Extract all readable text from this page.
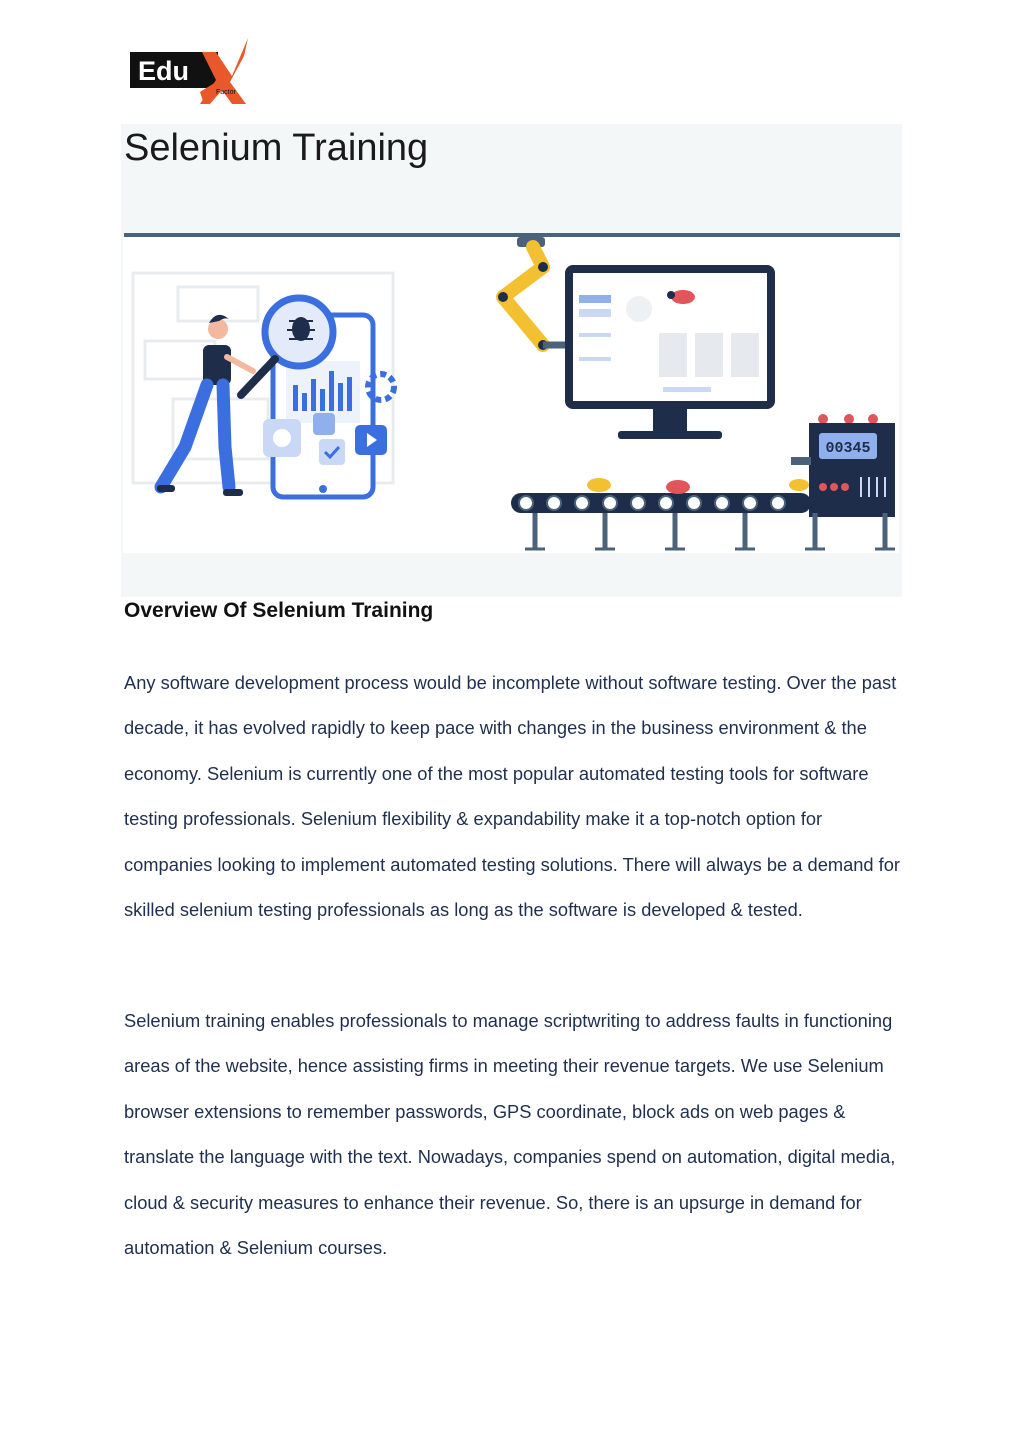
Edu
Factor
Selenium Training
00345
Overview Of Selenium Training

Any software development process would be incomplete without software testing. Over the past decade, it has evolved rapidly to keep pace with changes in the business environment & the economy. Selenium is currently one of the most popular automated testing tools for software testing professionals. Selenium flexibility & expandability make it a top-notch option for companies looking to implement automated testing solutions. There will always be a demand for skilled selenium testing professionals as long as the software is developed & tested.

Selenium training enables professionals to manage scriptwriting to address faults in functioning areas of the website, hence assisting firms in meeting their revenue targets. We use Selenium browser extensions to remember passwords, GPS coordinate, block ads on web pages & translate the language with the text. Nowadays, companies spend on automation, digital media, cloud & security measures to enhance their revenue. So, there is an upsurge in demand for automation & Selenium courses.
